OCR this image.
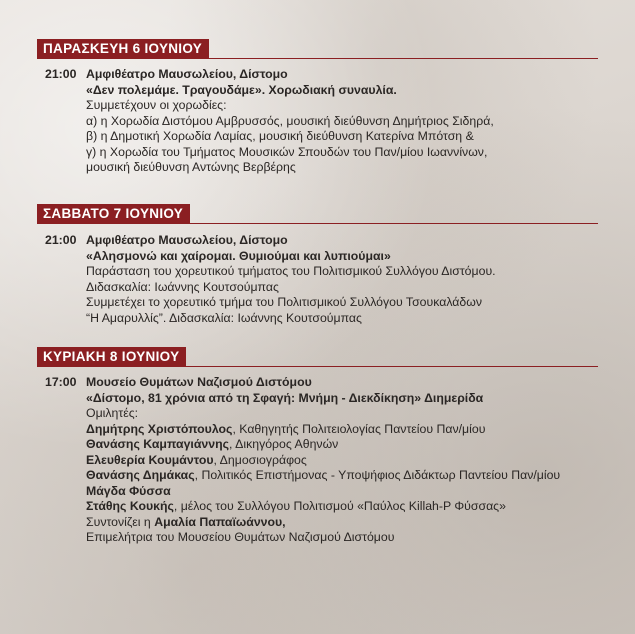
ΠΑΡΑΣΚΕΥΗ 6 ΙΟΥΝΙΟΥ
21:00 Αμφιθέατρο Μαυσωλείου, Δίστομο

«Δεν πολεμάμε. Τραγουδάμε». Χορωδιακή συναυλία.

Συμμετέχουν οι χορωδίες:

α) η Χορωδία Διστόμου Αμβρυσσός, μουσική διεύθυνση Δημήτριος Σιδηρά,

β) η Δημοτική Χορωδία Λαμίας, μουσική διεύθυνση Κατερίνα Μπότση &

γ) η Χορωδία του Τμήματος Μουσικών Σπουδών του Παν/μίου Ιωαννίνων,

μουσική διεύθυνση Αντώνης Βερβέρης

ΣΑΒΒΑΤΟ 7 ΙΟΥΝΙΟΥ
21:00 Αμφιθέατρο Μαυσωλείου, Δίστομο

«Αλησμονώ και χαίρομαι. Θυμιούμαι και λυπιούμαι»

Παράσταση του χορευτικού τμήματος του Πολιτισμικού Συλλόγου Διστόμου.

Διδασκαλία: Ιωάννης Κουτσούμπας

Συμμετέχει το χορευτικό τμήμα του Πολιτισμικού Συλλόγου Τσουκαλάδων

“Η Αμαρυλλίς”. Διδασκαλία: Ιωάννης Κουτσούμπας

ΚΥΡΙΑΚΗ 8 ΙΟΥΝΙΟΥ
17:00 Μουσείο Θυμάτων Ναζισμού Διστόμου

«Δίστομο, 81 χρόνια από τη Σφαγή: Μνήμη - Διεκδίκηση» Διημερίδα

Ομιλητές:

Δημήτρης Χριστόπουλος, Καθηγητής Πολιτειολογίας Παντείου Παν/μίου

Θανάσης Καμπαγιάννης, Δικηγόρος Αθηνών

Ελευθερία Κουμάντου, Δημοσιογράφος

Θανάσης Δημάκας, Πολιτικός Επιστήμονας - Υποψήφιος Διδάκτωρ Παντείου Παν/μίου

Μάγδα Φύσσα

Στάθης Κουκής, μέλος του Συλλόγου Πολιτισμού «Παύλος Killah-P Φύσσας»

Συντονίζει η Αμαλία Παπαϊωάννου,

Επιμελήτρια του Μουσείου Θυμάτων Ναζισμού Διστόμου
